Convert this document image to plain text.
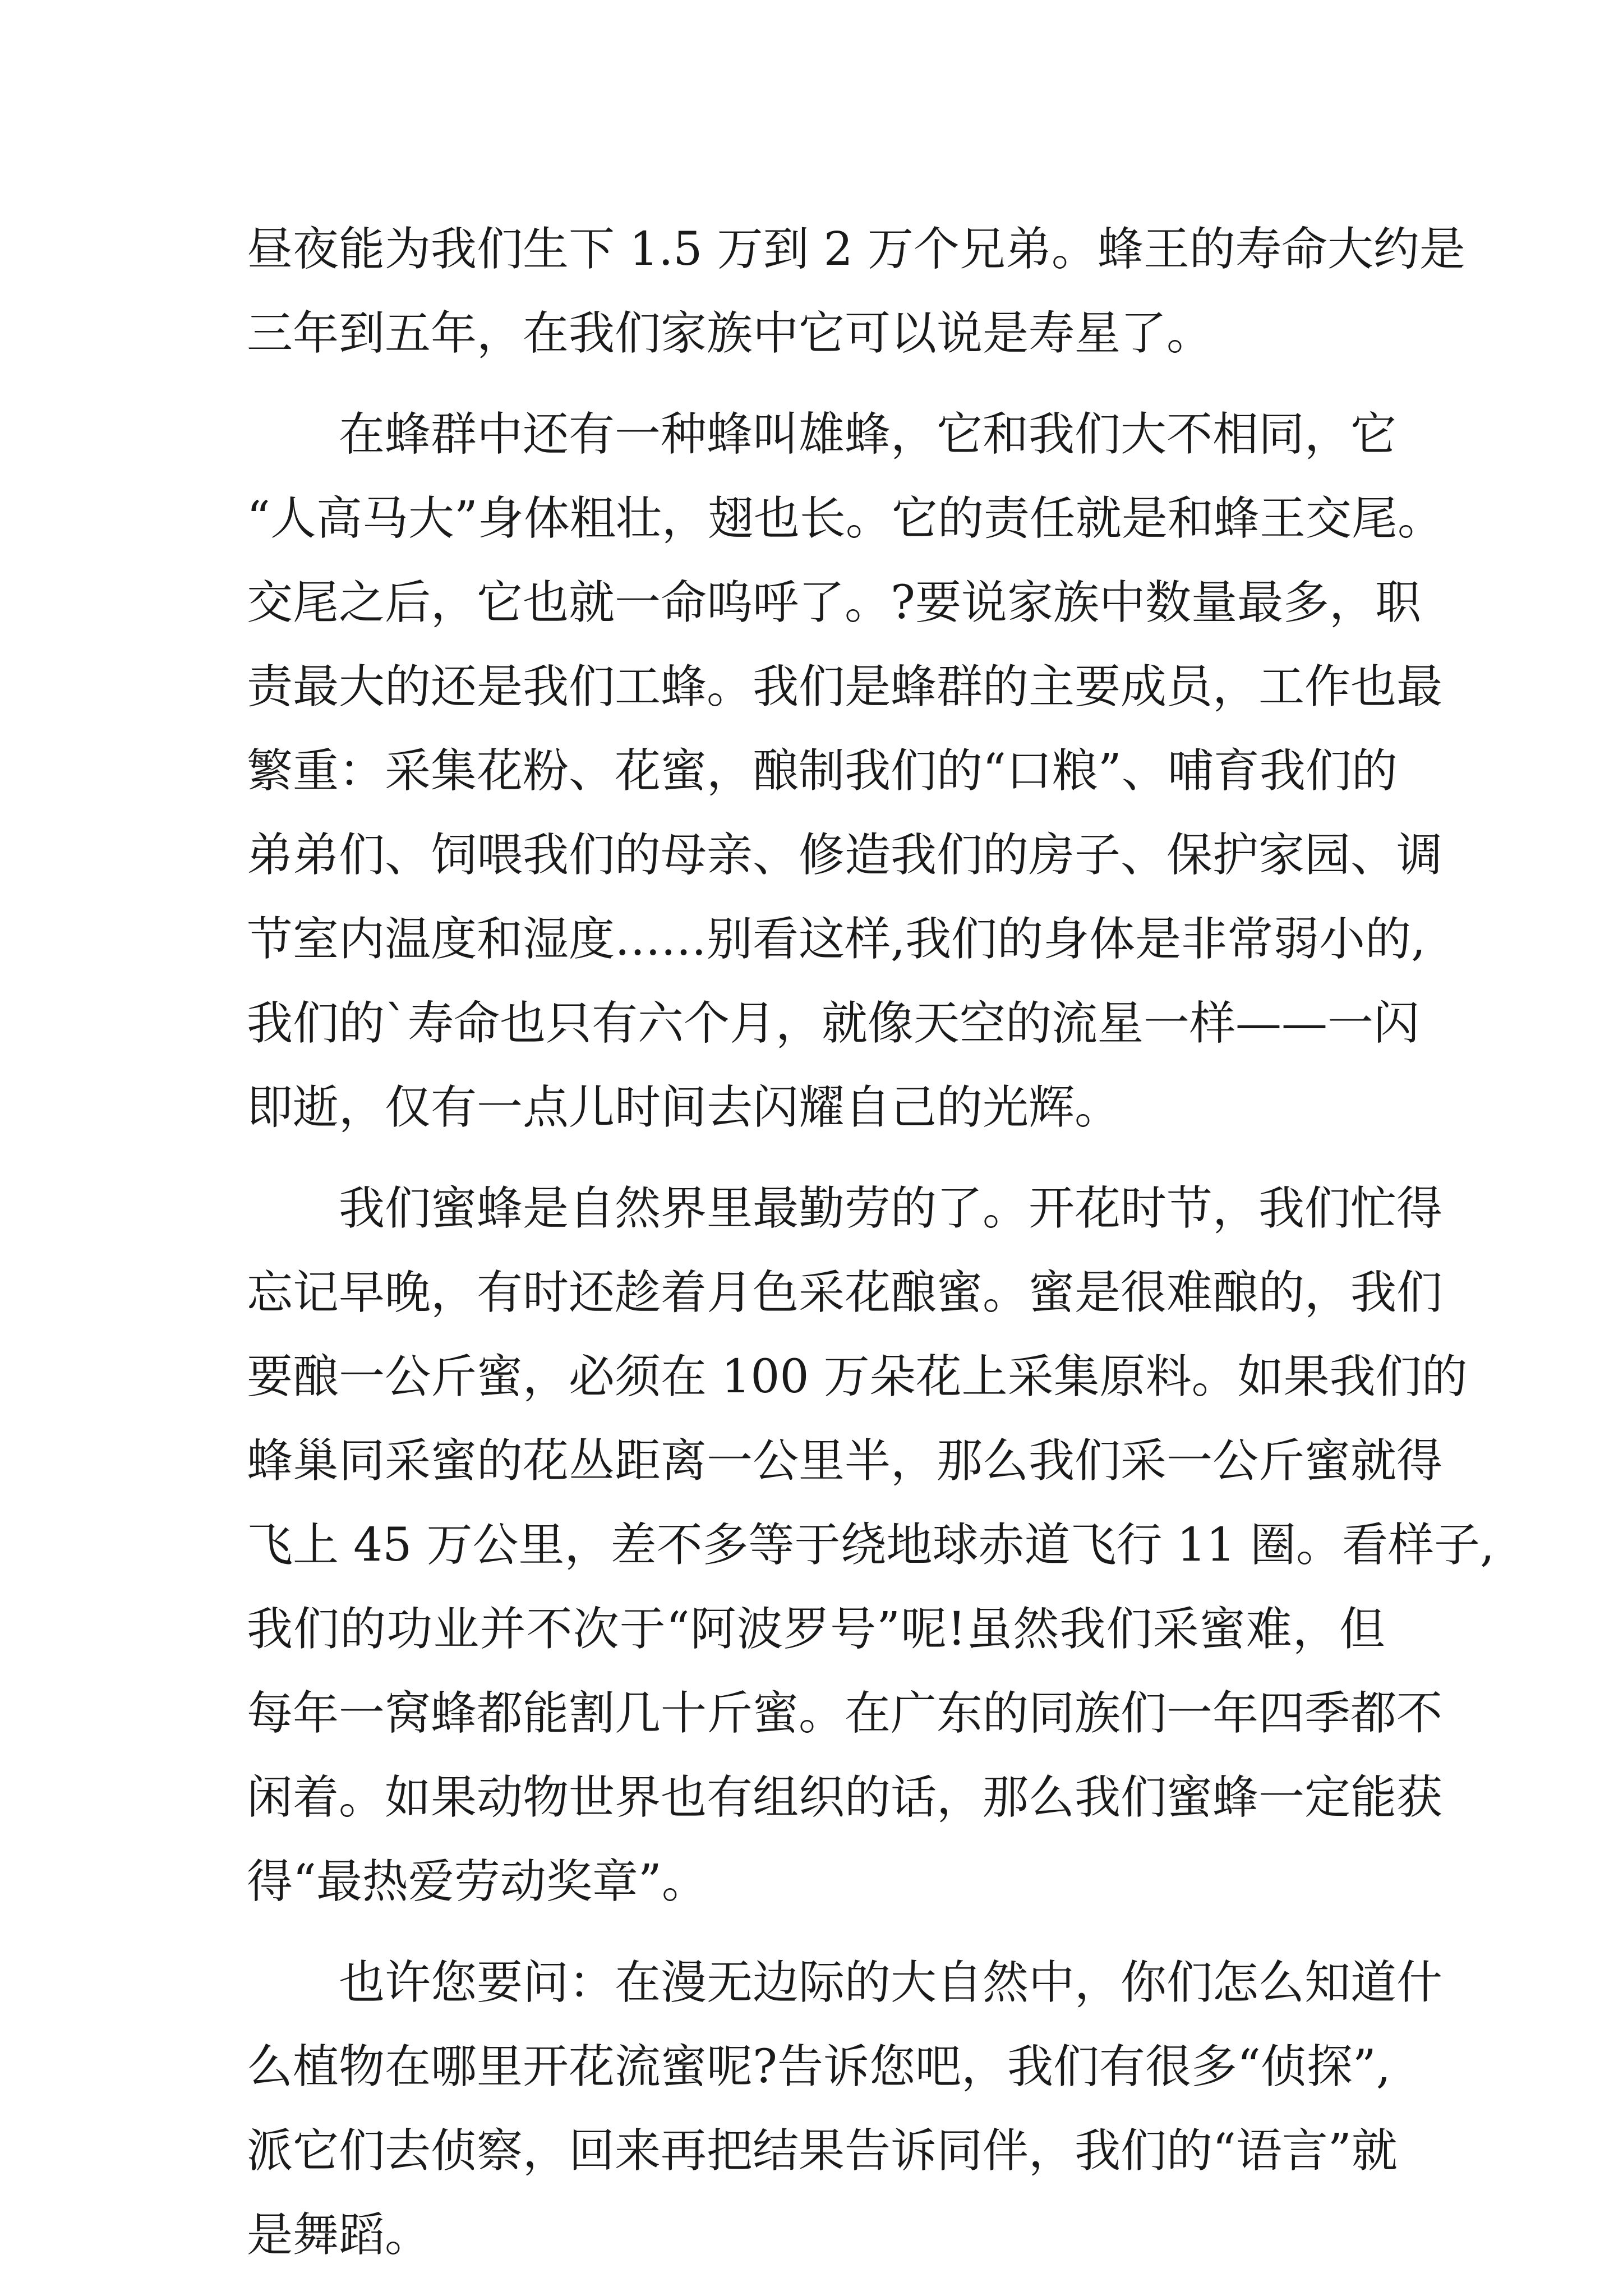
昼夜能为我们生下 1.5 万到 2 万个兄弟。蜂王的寿命大约是
三年到五年，在我们家族中它可以说是寿星了。
　　在蜂群中还有一种蜂叫雄蜂，它和我们大不相同，它
“人高马大”身体粗壮，翅也长。它的责任就是和蜂王交尾。
交尾之后，它也就一命呜呼了。?要说家族中数量最多，职
责最大的还是我们工蜂。我们是蜂群的主要成员，工作也最
繁重：采集花粉、花蜜，酿制我们的“口粮”、哺育我们的
弟弟们、饲喂我们的母亲、修造我们的房子、保护家园、调
节室内温度和湿度……别看这样,我们的身体是非常弱小的,
我们的`寿命也只有六个月，就像天空的流星一样——一闪
即逝，仅有一点儿时间去闪耀自己的光辉。
　　我们蜜蜂是自然界里最勤劳的了。开花时节，我们忙得
忘记早晚，有时还趁着月色采花酿蜜。蜜是很难酿的，我们
要酿一公斤蜜，必须在 100 万朵花上采集原料。如果我们的
蜂巢同采蜜的花丛距离一公里半，那么我们采一公斤蜜就得
飞上 45 万公里，差不多等于绕地球赤道飞行 11 圈。看样子,
我们的功业并不次于“阿波罗号”呢!虽然我们采蜜难，但
每年一窝蜂都能割几十斤蜜。在广东的同族们一年四季都不
闲着。如果动物世界也有组织的话，那么我们蜜蜂一定能获
得“最热爱劳动奖章”。
　　也许您要问：在漫无边际的大自然中，你们怎么知道什
么植物在哪里开花流蜜呢?告诉您吧，我们有很多“侦探”,
派它们去侦察，回来再把结果告诉同伴，我们的“语言”就
是舞蹈。
